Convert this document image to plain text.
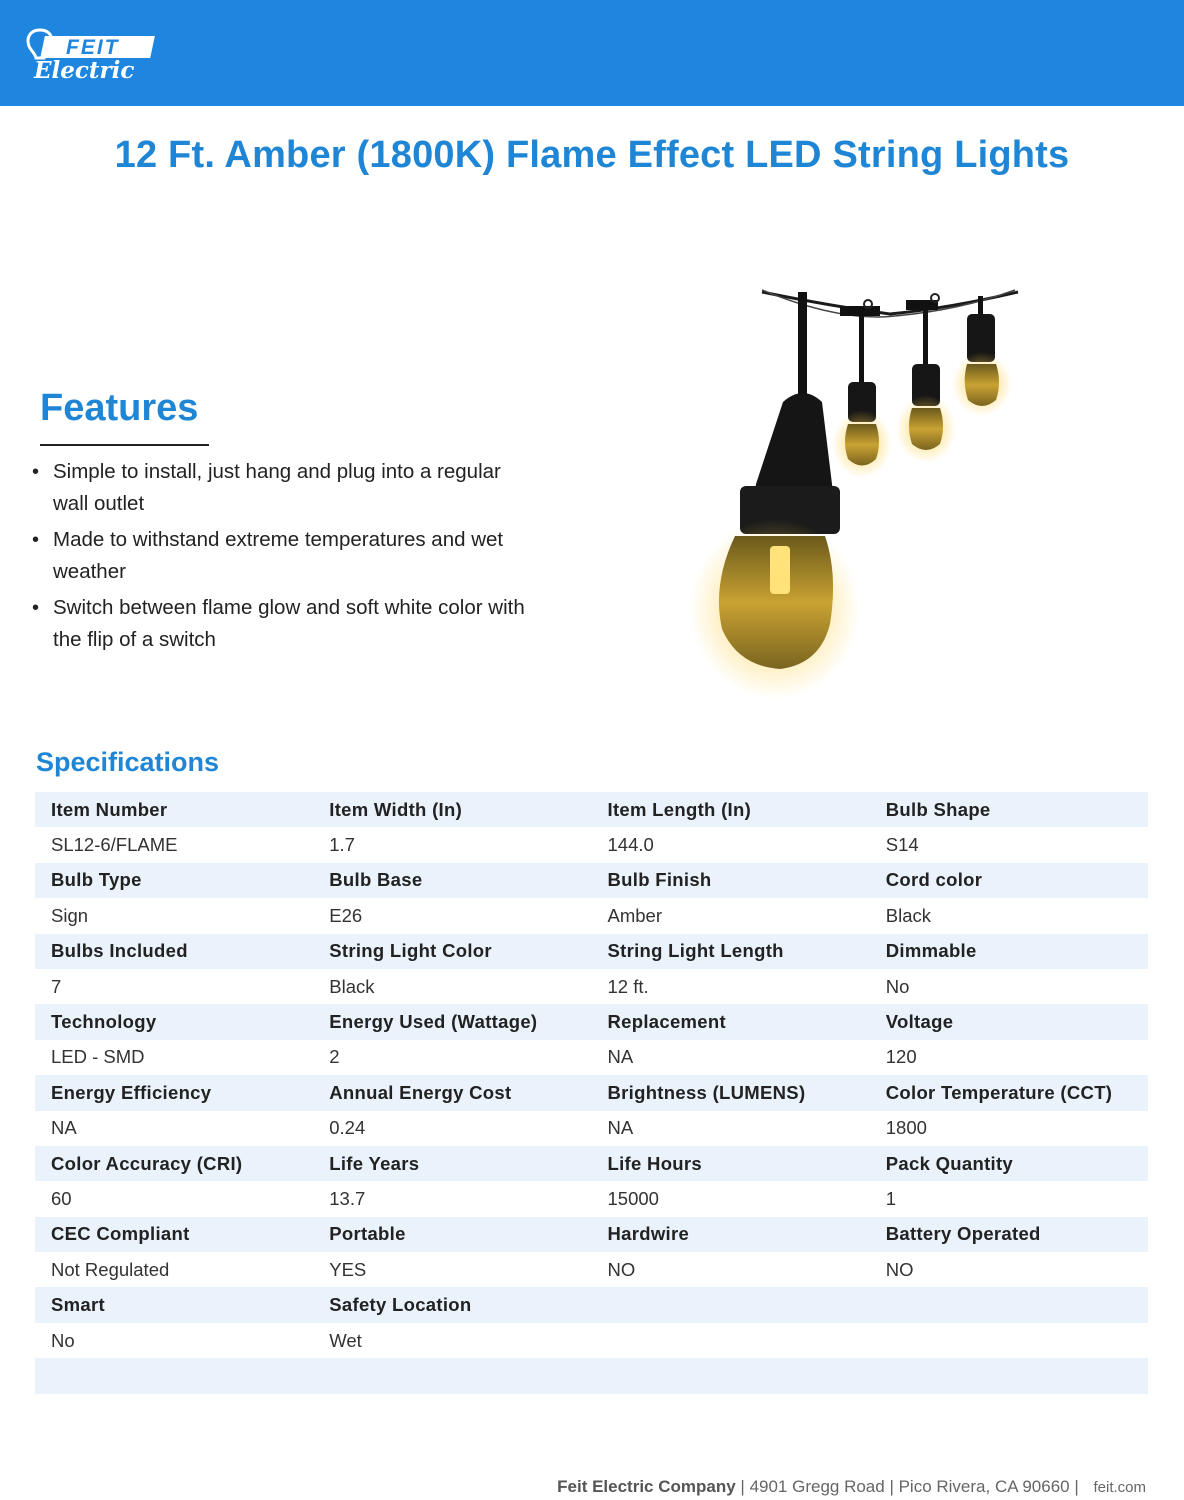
FEIT
Electric
12 Ft. Amber (1800K) Flame Effect LED String Lights
Features
• Simple to install, just hang and plug into a regular wall outlet
• Made to withstand extreme temperatures and wet weather
• Switch between flame glow and soft white color with the flip of a switch
Specifications
Item Number	Item Width (In)	Item Length (In)	Bulb Shape
SL12-6/FLAME	1.7	144.0	S14
Bulb Type	Bulb Base	Bulb Finish	Cord color
Sign	E26	Amber	Black
Bulbs Included	String Light Color	String Light Length	Dimmable
7	Black	12 ft.	No
Technology	Energy Used (Wattage)	Replacement	Voltage
LED - SMD	2	NA	120
Energy Efficiency	Annual Energy Cost	Brightness (LUMENS)	Color Temperature (CCT)
NA	0.24	NA	1800
Color Accuracy (CRI)	Life Years	Life Hours	Pack Quantity
60	13.7	15000	1
CEC Compliant	Portable	Hardwire	Battery Operated
Not Regulated	YES	NO	NO
Smart	Safety Location		
No	Wet		

Feit Electric Company | 4901 Gregg Road | Pico Rivera, CA 90660 | feit.com
